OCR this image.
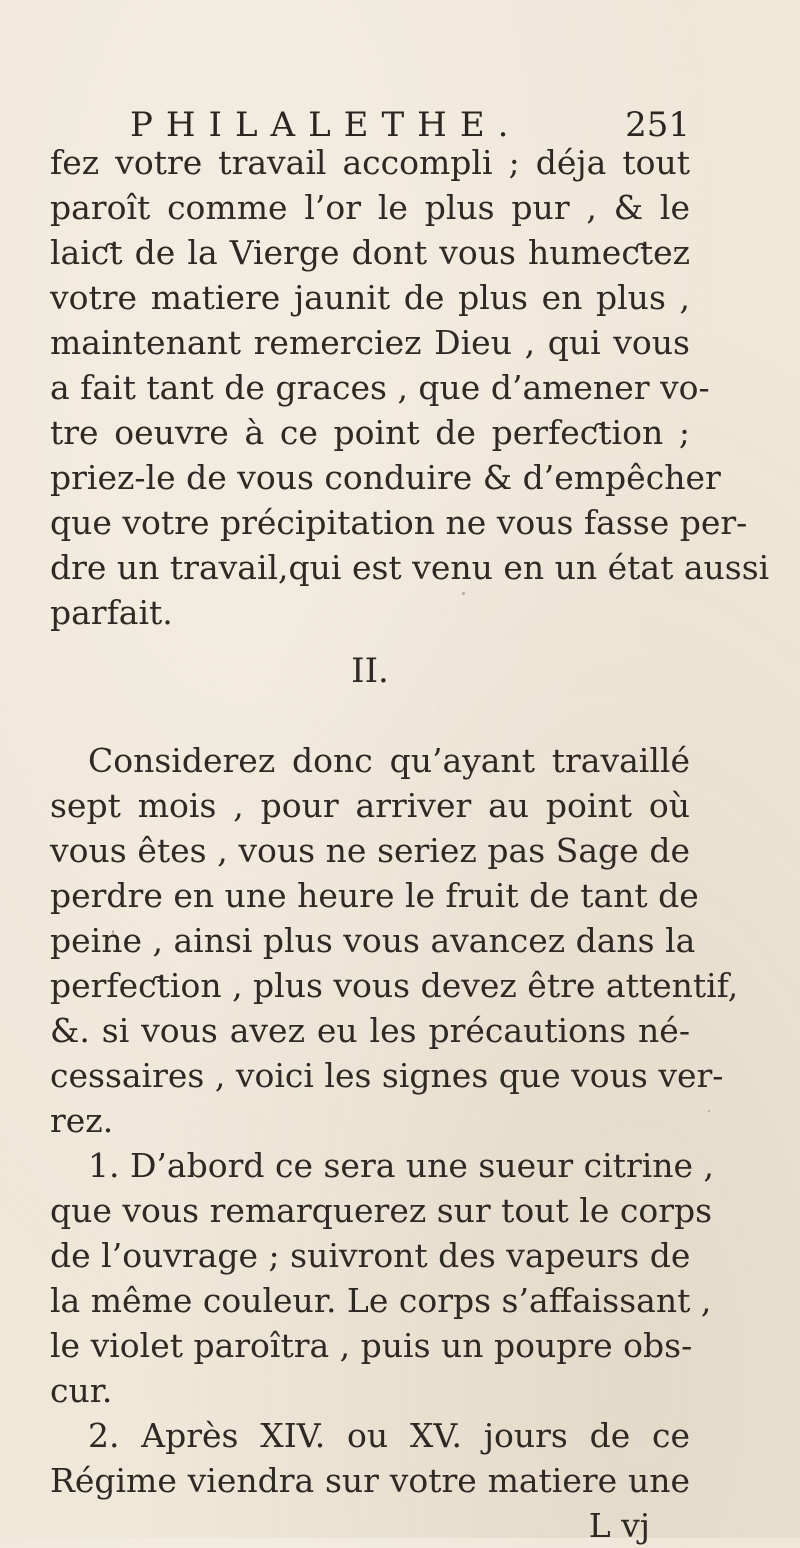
PHILALETHE.	251
fez votre travail accompli ; déja tout
paroît comme l’or le plus pur , & le
laiƈt de la Vierge dont vous humeƈtez
votre matiere jaunit de plus en plus ,
maintenant remerciez Dieu , qui vous
a fait tant de graces , que d’amener vo-
tre oeuvre à ce point de perfeƈtion ;
priez-le de vous conduire & d’empêcher
que votre précipitation ne vous fasse per-
dre un travail,qui est venu en un état aussi
parfait.
II.
Considerez donc qu’ayant travaillé
sept mois , pour arriver au point où
vous êtes , vous ne seriez pas Sage de
perdre en une heure le fruit de tant de
peine , ainsi plus vous avancez dans la
perfeƈtion , plus vous devez être attentif,
&. si vous avez eu les précautions né-
cessaires , voici les signes que vous ver-
rez.
1. D’abord ce sera une sueur citrine ,
que vous remarquerez sur tout le corps
de l’ouvrage ; suivront des vapeurs de
la même couleur. Le corps s’affaissant ,
le violet paroîtra , puis un poupre obs-
cur.
2. Après XIV. ou XV. jours de ce
Régime viendra sur votre matiere une
L vj
